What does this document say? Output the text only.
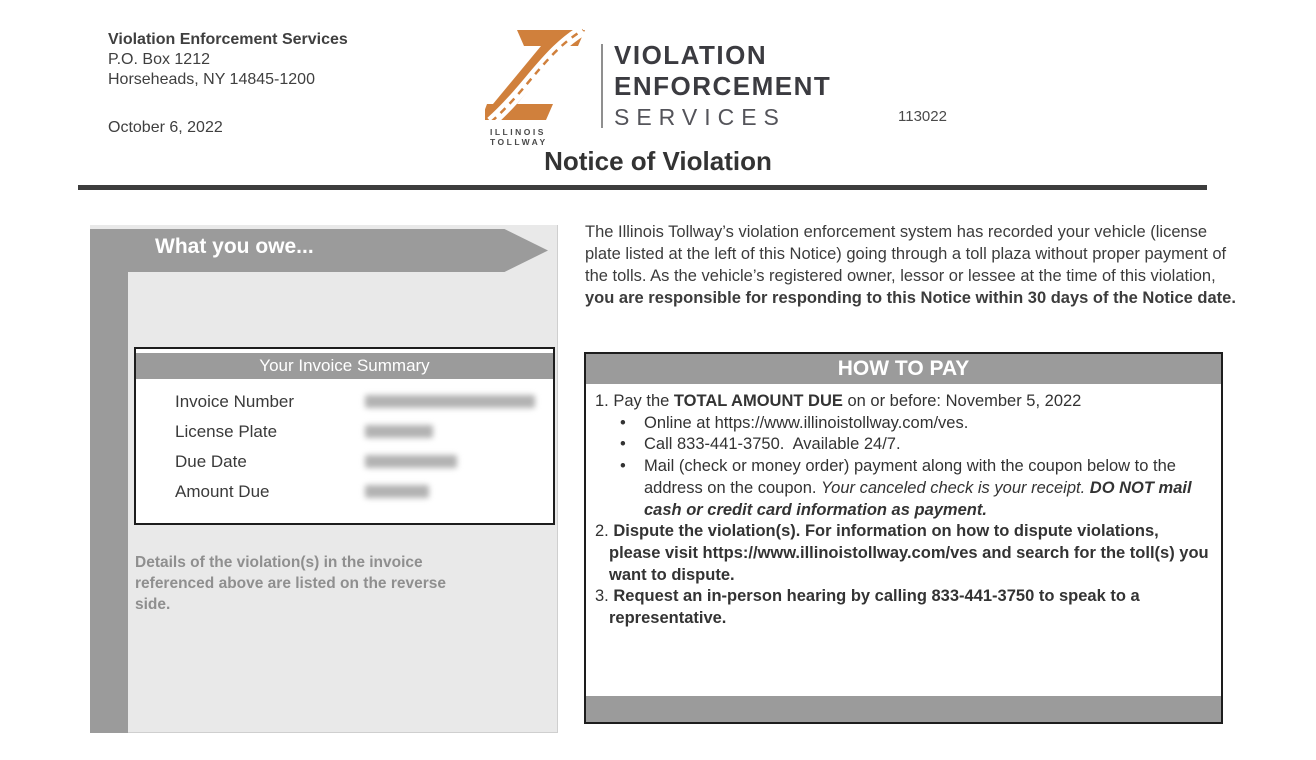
Violation Enforcement Services
P.O. Box 1212
Horseheads, NY 14845-1200
October 6, 2022	ILLINOIS
TOLLWAY
VIOLATION
ENFORCEMENT
SERVICES	113022
Notice of Violation
What you owe...
Your Invoice Summary
Invoice Number
License Plate
Due Date
Amount Due
Details of the violation(s) in the invoice referenced above are listed on the reverse side.
The Illinois Tollway’s violation enforcement system has recorded your vehicle (license plate listed at the left of this Notice) going through a toll plaza without proper payment of the tolls. As the vehicle’s registered owner, lessor or lessee at the time of this violation, you are responsible for responding to this Notice within 30 days of the Notice date.
HOW TO PAY
1. Pay the TOTAL AMOUNT DUE on or before: November 5, 2022
• Online at https://www.illinoistollway.com/ves.
• Call 833-441-3750.  Available 24/7.
• Mail (check or money order) payment along with the coupon below to the address on the coupon. Your canceled check is your receipt. DO NOT mail cash or credit card information as payment.
2. Dispute the violation(s). For information on how to dispute violations, please visit https://www.illinoistollway.com/ves and search for the toll(s) you want to dispute.
3. Request an in-person hearing by calling 833-441-3750 to speak to a representative.
